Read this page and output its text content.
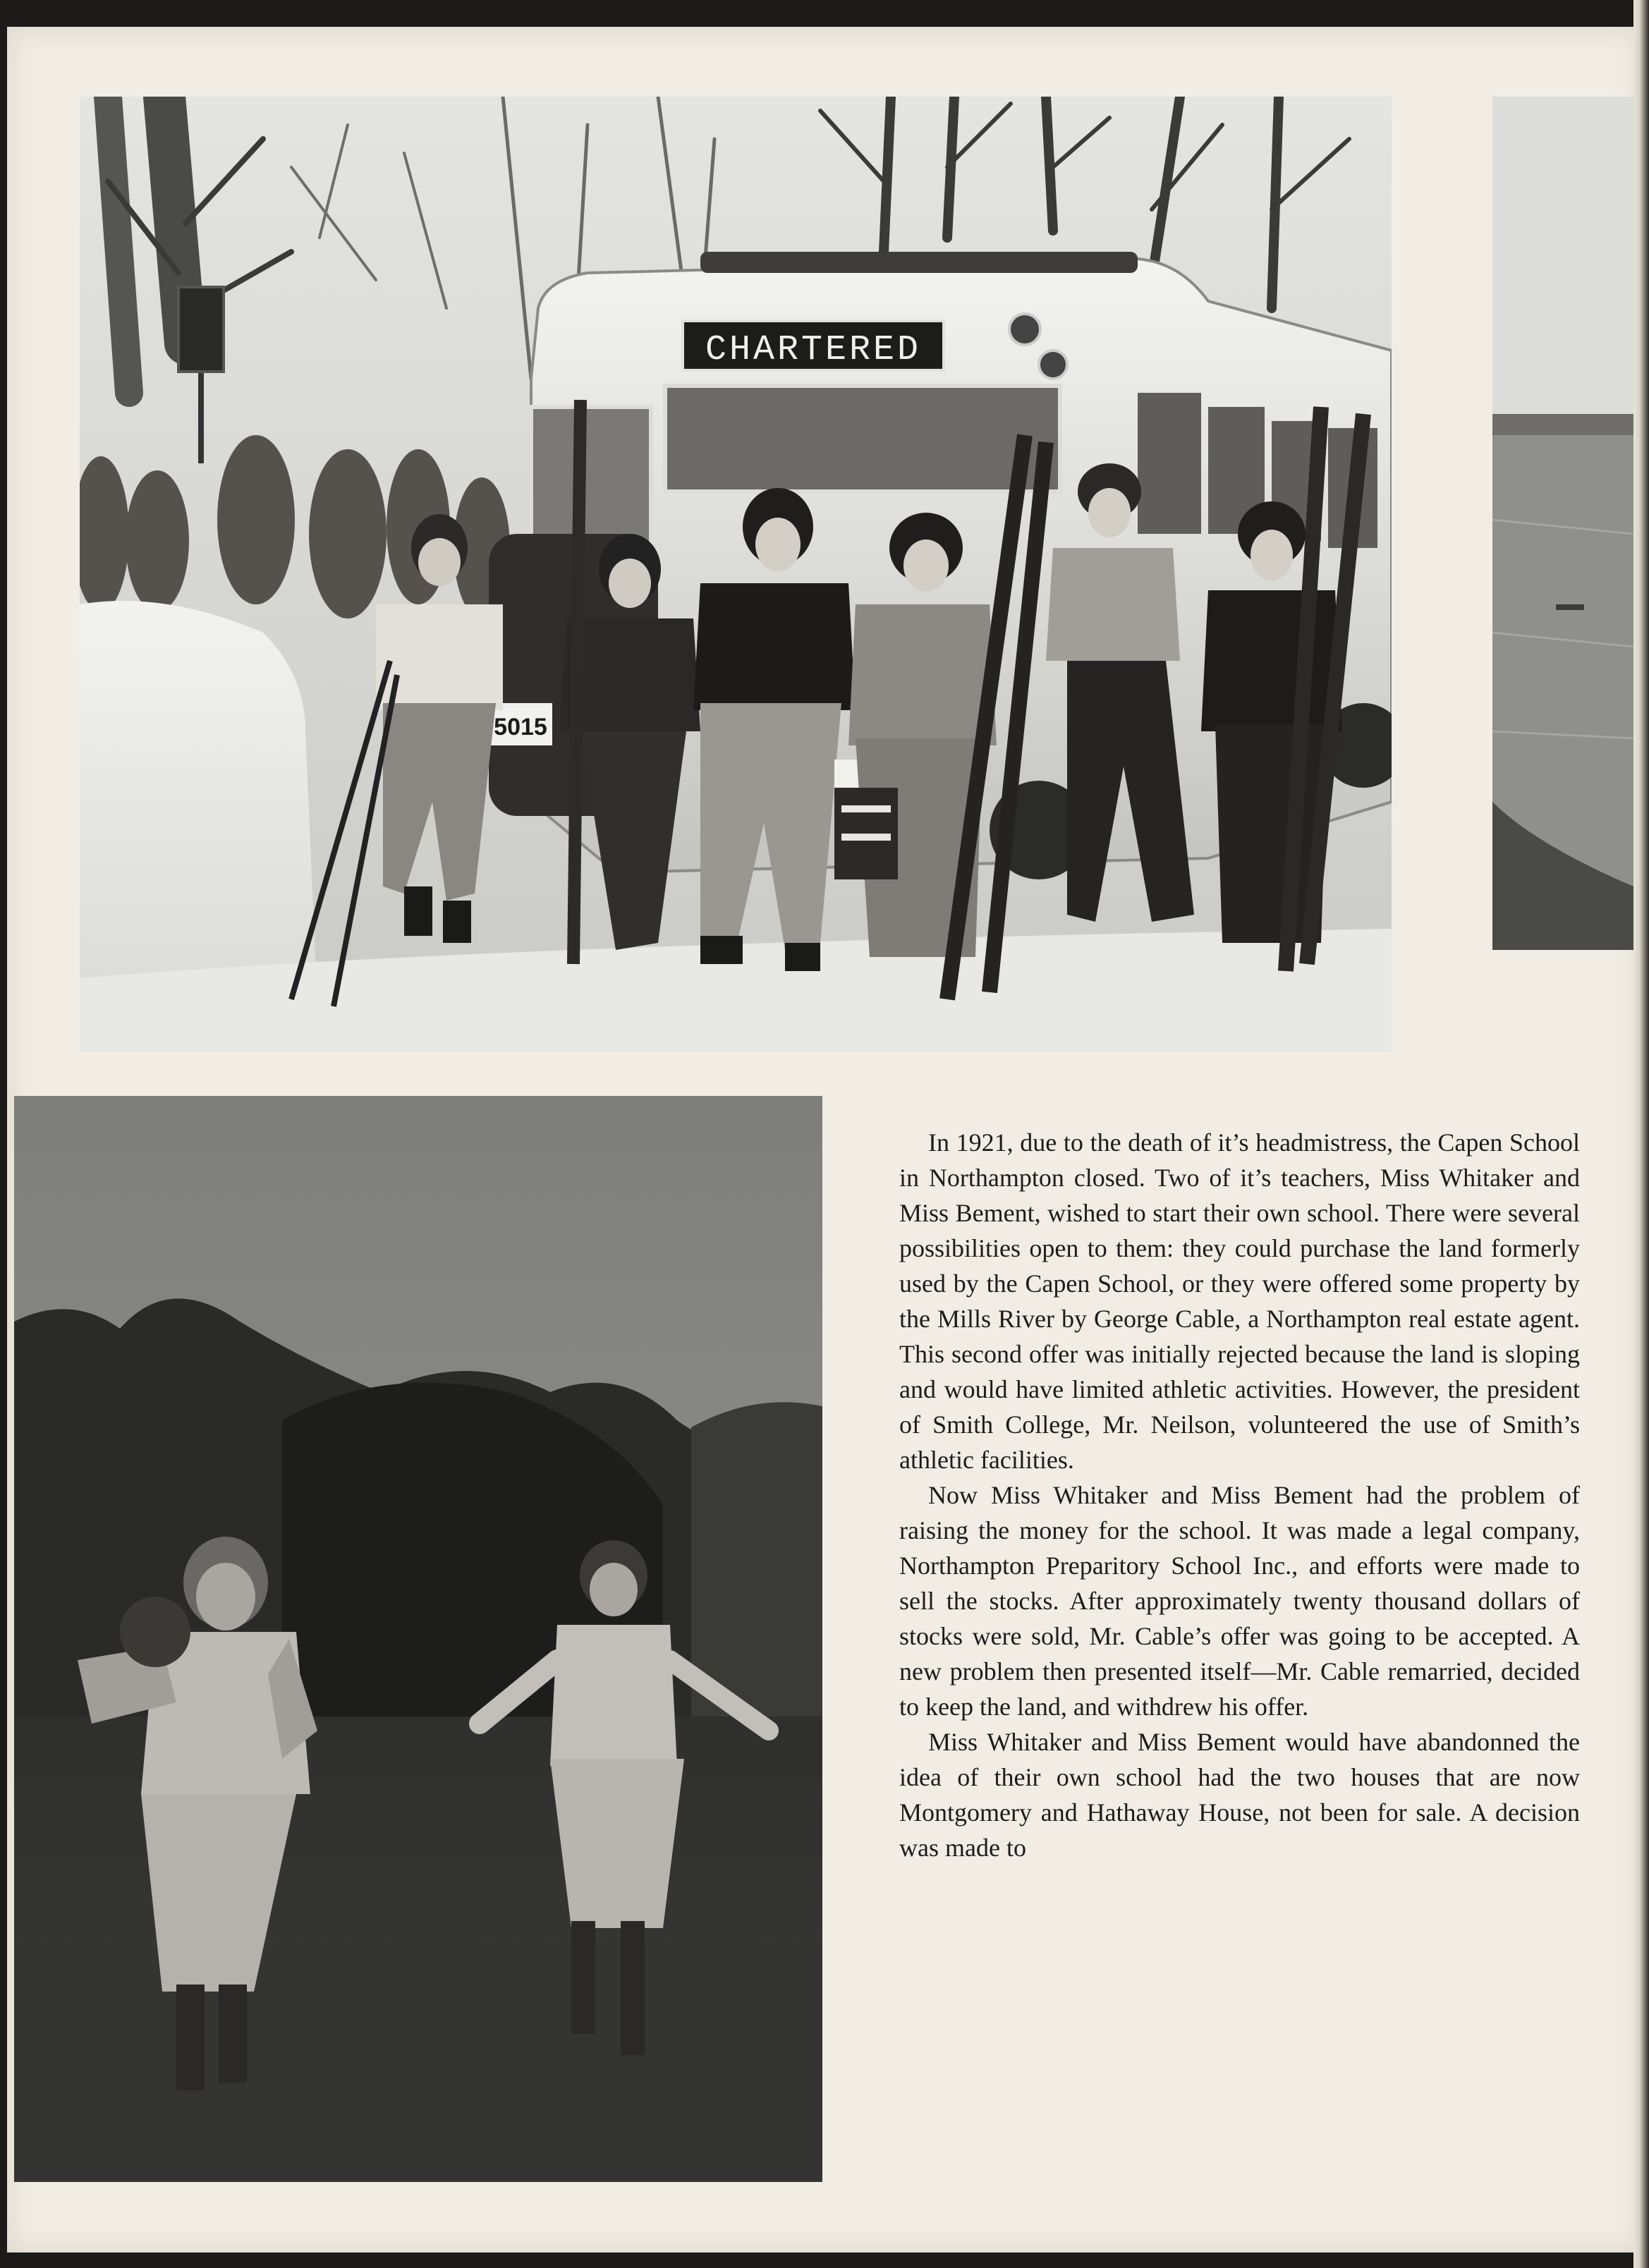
CHARTERED
5015

In 1921, due to the death of it’s headmistress, the Capen School in Northampton closed. Two of it’s teachers, Miss Whitaker and Miss Bement, wished to start their own school. There were several possibilities open to them: they could purchase the land formerly used by the Capen School, or they were offered some property by the Mills River by George Cable, a Northampton real estate agent. This second offer was initially rejected because the land is sloping and would have limited athletic activities. However, the president of Smith College, Mr. Neilson, volunteered the use of Smith’s athletic facilities.

Now Miss Whitaker and Miss Bement had the problem of raising the money for the school. It was made a legal company, Northampton Preparitory School Inc., and efforts were made to sell the stocks. After approximately twenty thousand dollars of stocks were sold, Mr. Cable’s offer was going to be accepted. A new problem then presented itself—Mr. Cable remarried, decided to keep the land, and withdrew his offer.

Miss Whitaker and Miss Bement would have abandonned the idea of their own school had the two houses that are now Montgomery and Hathaway House, not been for sale. A decision was made to
